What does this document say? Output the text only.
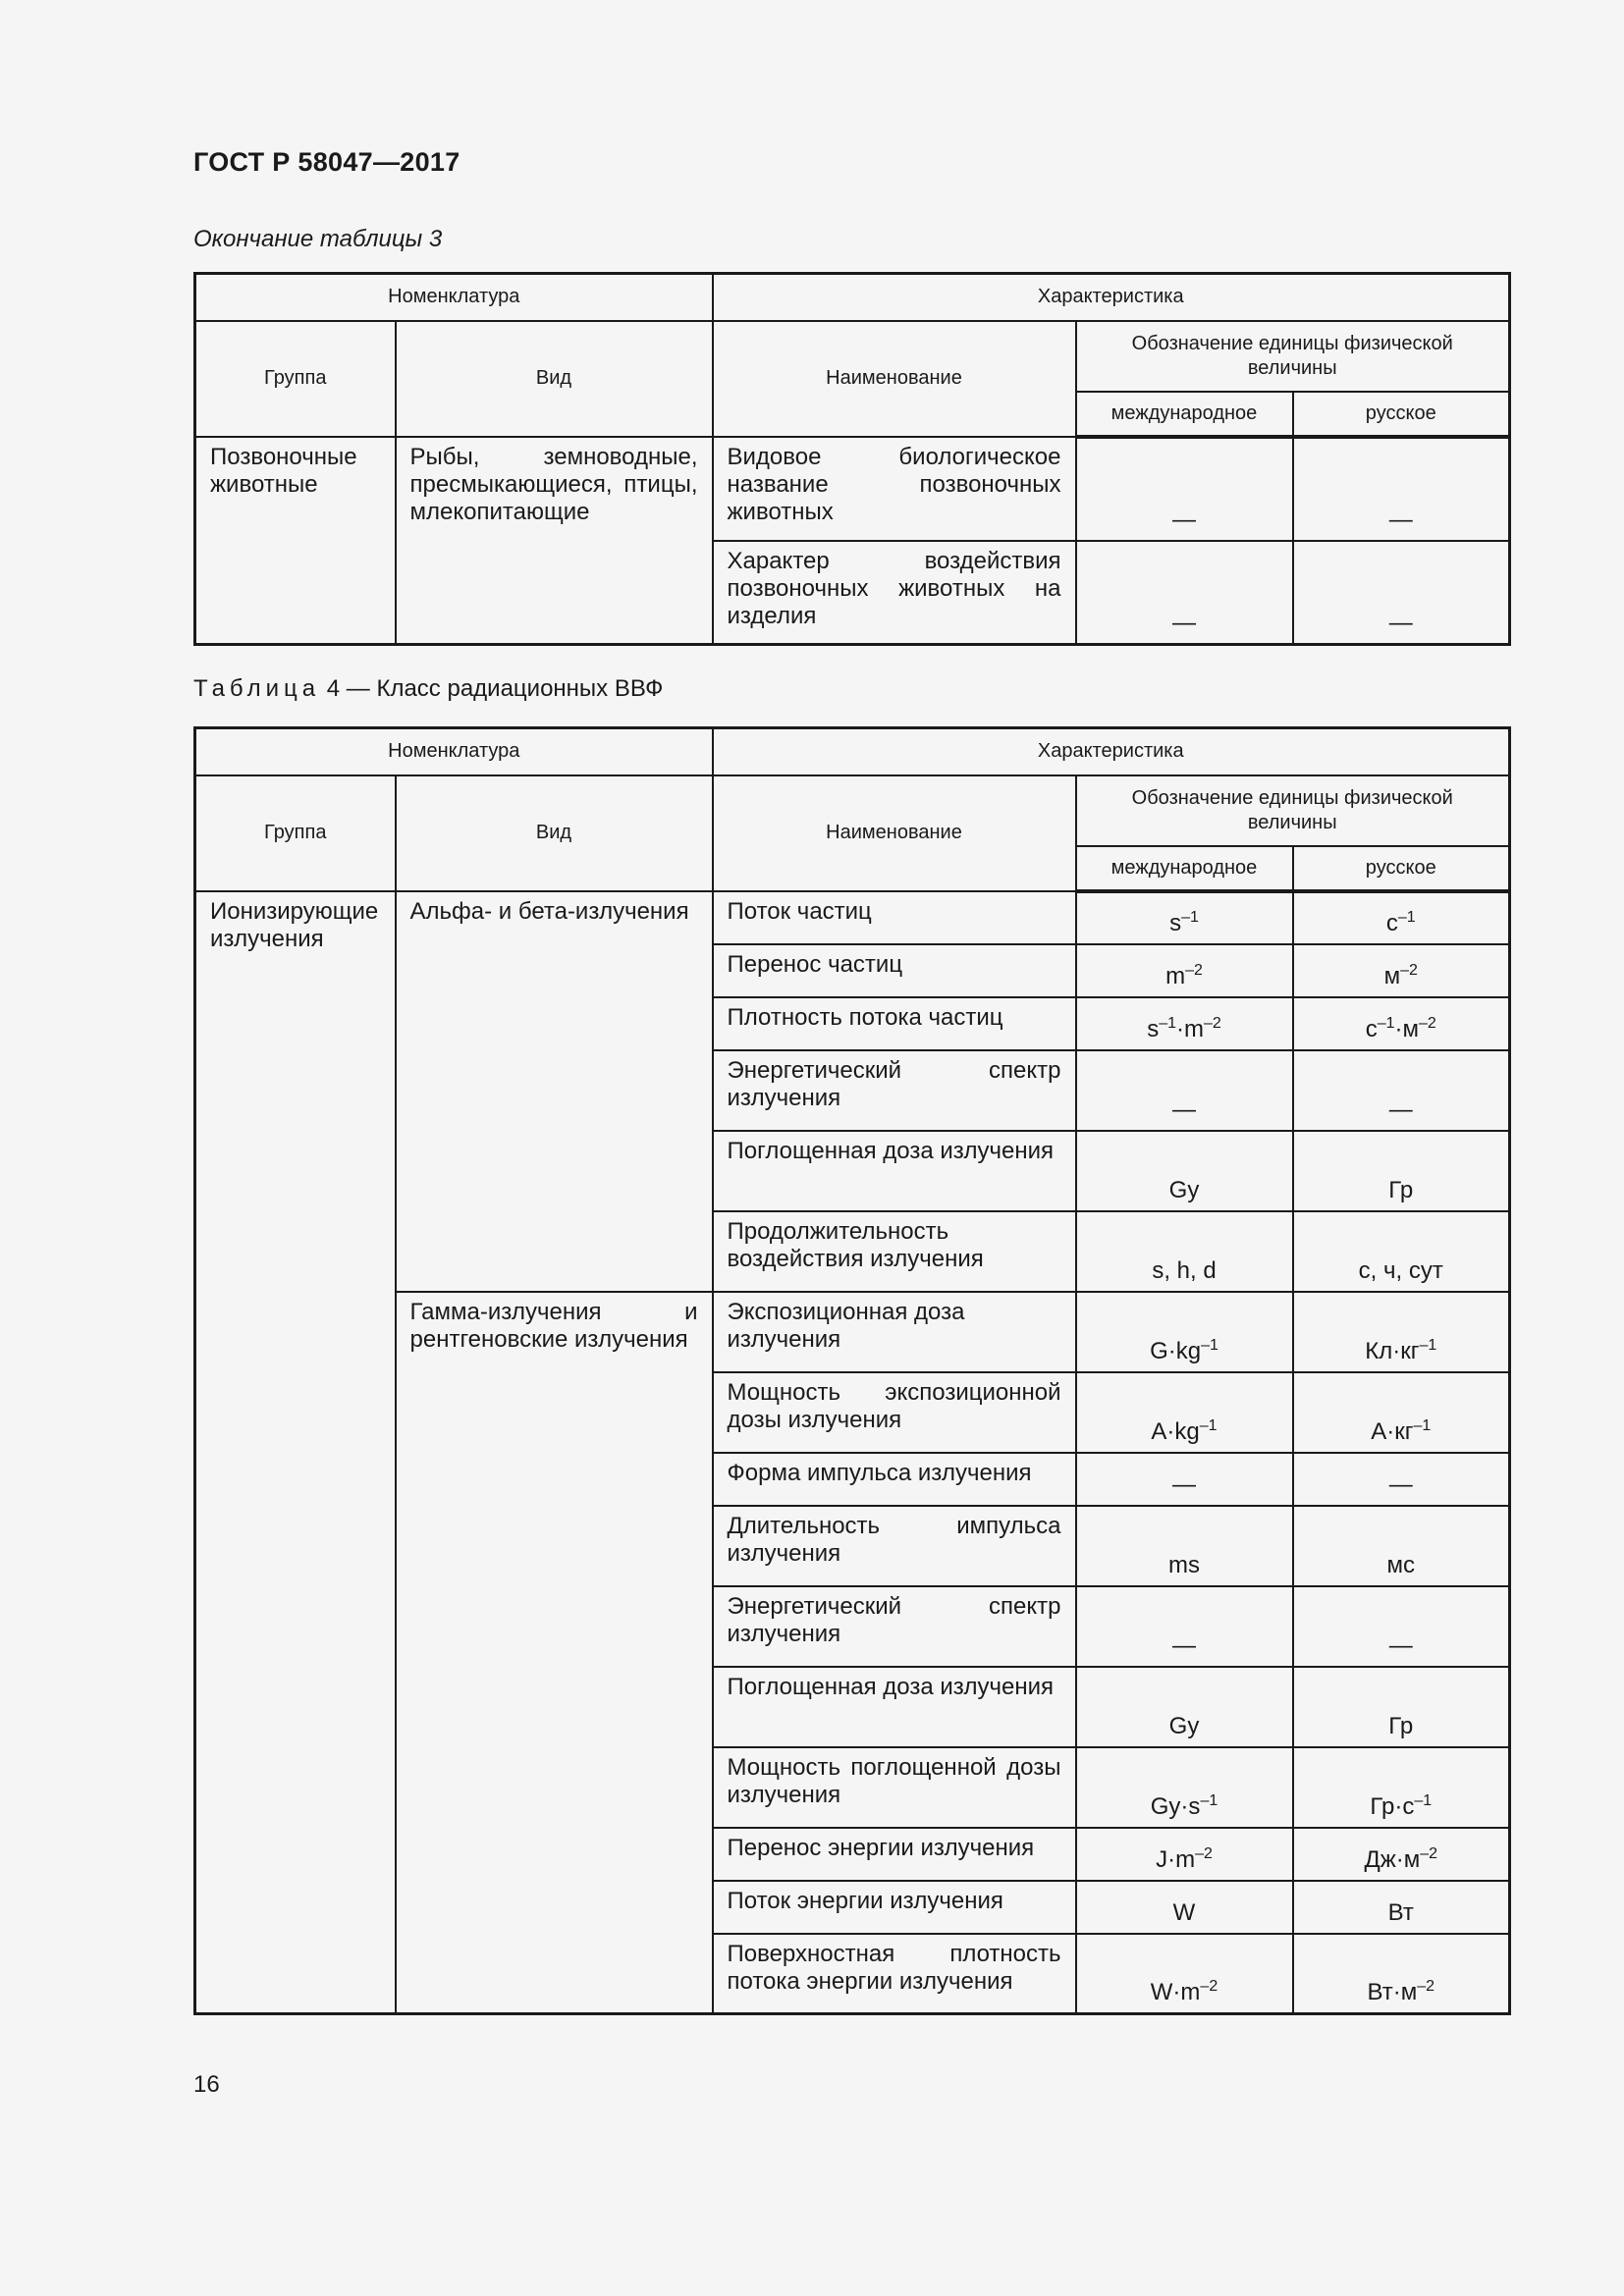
ГОСТ Р 58047—2017
Окончание таблицы 3
Номенклатура		Характеристика		
Группа	Вид	Наименование	Обозначение единицы физической величины	
			международное	русское
Позвоночные животные	Рыбы, земноводные, пресмыкающиеся, птицы, млекопитающие	Видовое биологическое название позвоночных животных	—	—
		Характер воздействия позвоночных животных на изделия	—	—
Таблица 4 — Класс радиационных ВВФ
Номенклатура		Характеристика		
Группа	Вид	Наименование	Обозначение единицы физической величины	
			международное	русское
Ионизирующие излучения	Альфа- и бета-излучения	Поток частиц	$s^{-1}$	$с^{-1}$
		Перенос частиц	$m^{-2}$	$м^{-2}$
		Плотность потока частиц	$s^{-1}\cdot m^{-2}$	$с^{-1}\cdot м^{-2}$
		Энергетический спектр излучения	—	—
		Поглощенная доза излучения	Gy	Гр
		Продолжительность воздействия излучения	s, h, d	с, ч, сут
	Гамма-излучения и рентгеновские излучения	Экспозиционная доза излучения	$G\cdot kg^{-1}$	$Кл\cdot кг^{-1}$
		Мощность экспозиционной дозы излучения	$A\cdot kg^{-1}$	$А\cdot кг^{-1}$
		Форма импульса излучения	—	—
		Длительность импульса излучения	ms	мс
		Энергетический спектр излучения	—	—
		Поглощенная доза излучения	Gy	Гр
		Мощность поглощенной дозы излучения	$Gy\cdot s^{-1}$	$Гр\cdot с^{-1}$
		Перенос энергии излучения	$J\cdot m^{-2}$	$Дж\cdot м^{-2}$
		Поток энергии излучения	W	Вт
		Поверхностная плотность потока энергии излучения	$W\cdot m^{-2}$	$Вт\cdot м^{-2}$
16
